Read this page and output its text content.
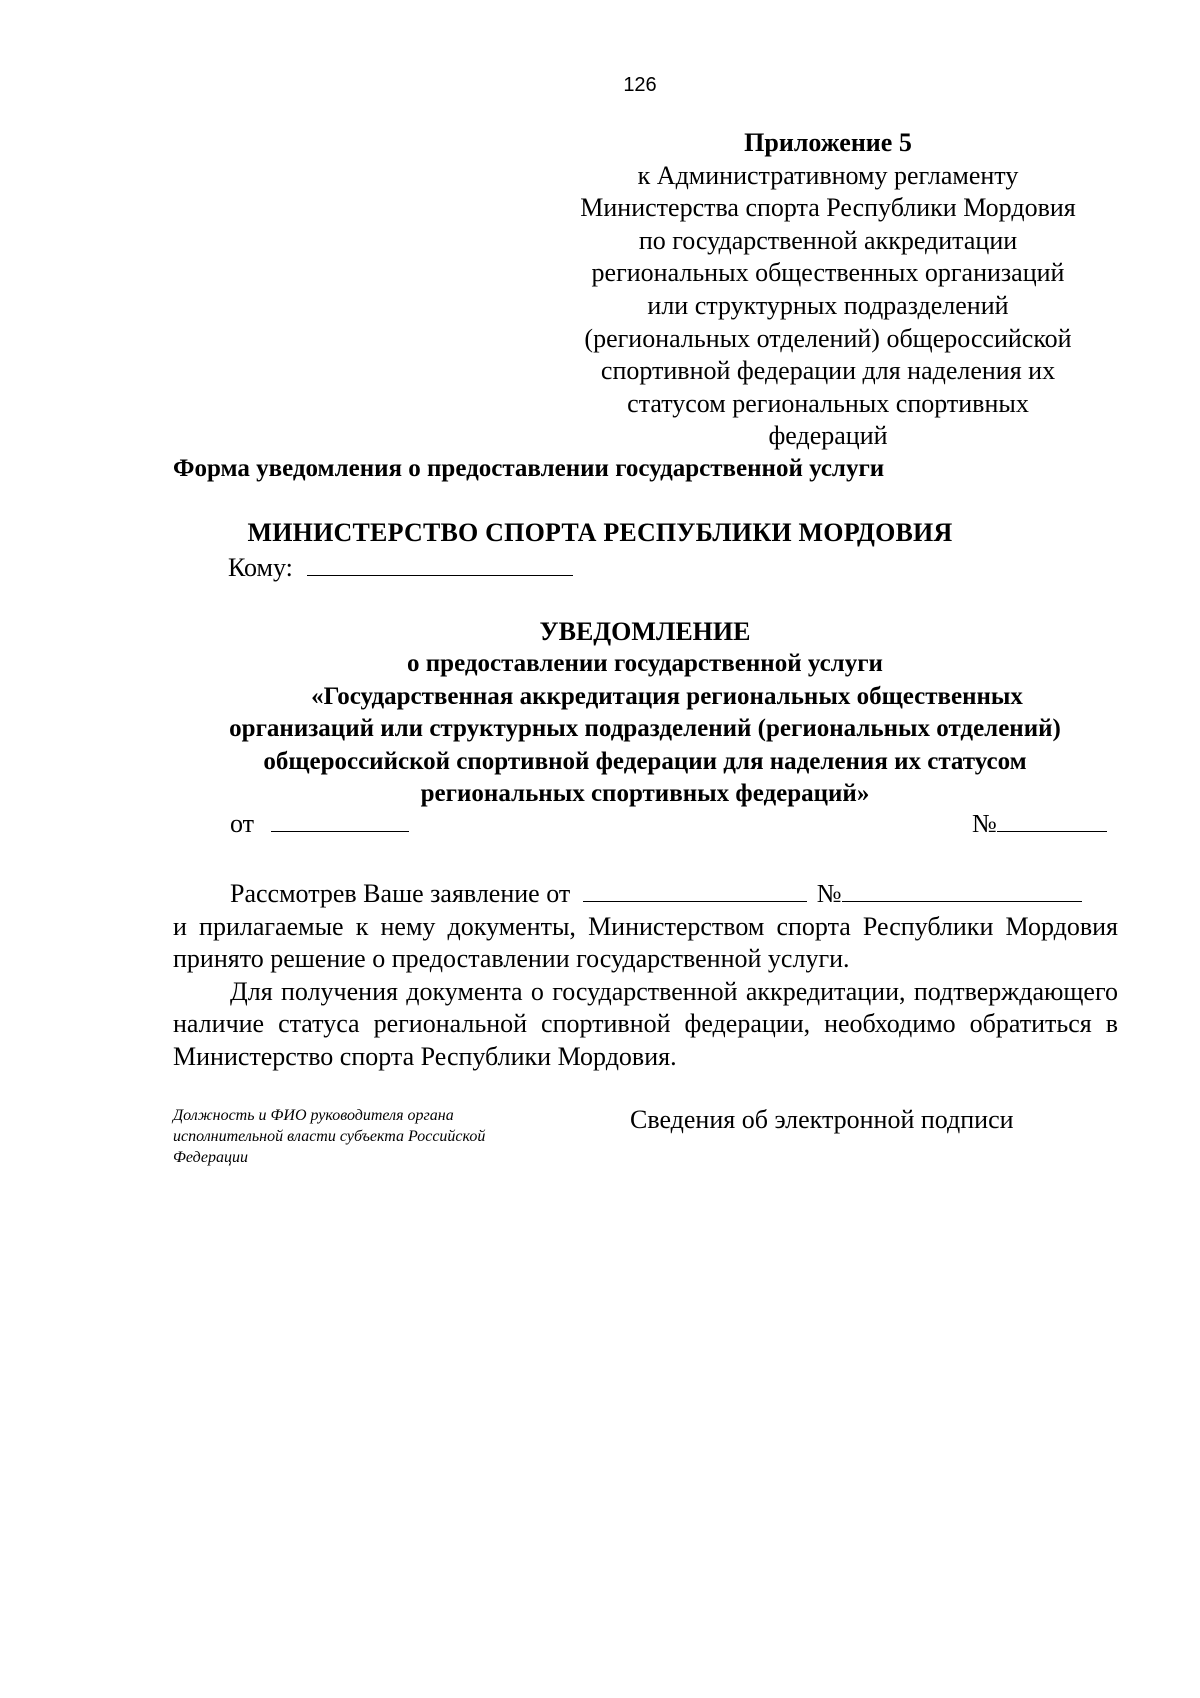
126
Приложение 5
к Административному регламенту
Министерства спорта Республики Мордовия
по государственной аккредитации
региональных общественных организаций
или структурных подразделений
(региональных отделений) общероссийской
спортивной федерации для наделения их
статусом региональных спортивных
федераций
Форма уведомления о предоставлении государственной услуги
МИНИСТЕРСТВО СПОРТА РЕСПУБЛИКИ МОРДОВИЯ
Кому:
УВЕДОМЛЕНИЕ
о предоставлении государственной услуги
«Государственная аккредитация региональных общественных
организаций или структурных подразделений (региональных отделений)
общероссийской спортивной федерации для наделения их статусом
региональных спортивных федераций»
от	№

Рассмотрев Ваше заявление от	№

и прилагаемые к нему документы, Министерством спорта Республики Мордовия принято решение о предоставлении государственной услуги.

Для получения документа о государственной аккредитации, подтверждающего наличие статуса региональной спортивной федерации, необходимо обратиться в Министерство спорта Республики Мордовия.

Должность и ФИО руководителя органа исполнительной власти субъекта Российской Федерации
Сведения об электронной подписи
